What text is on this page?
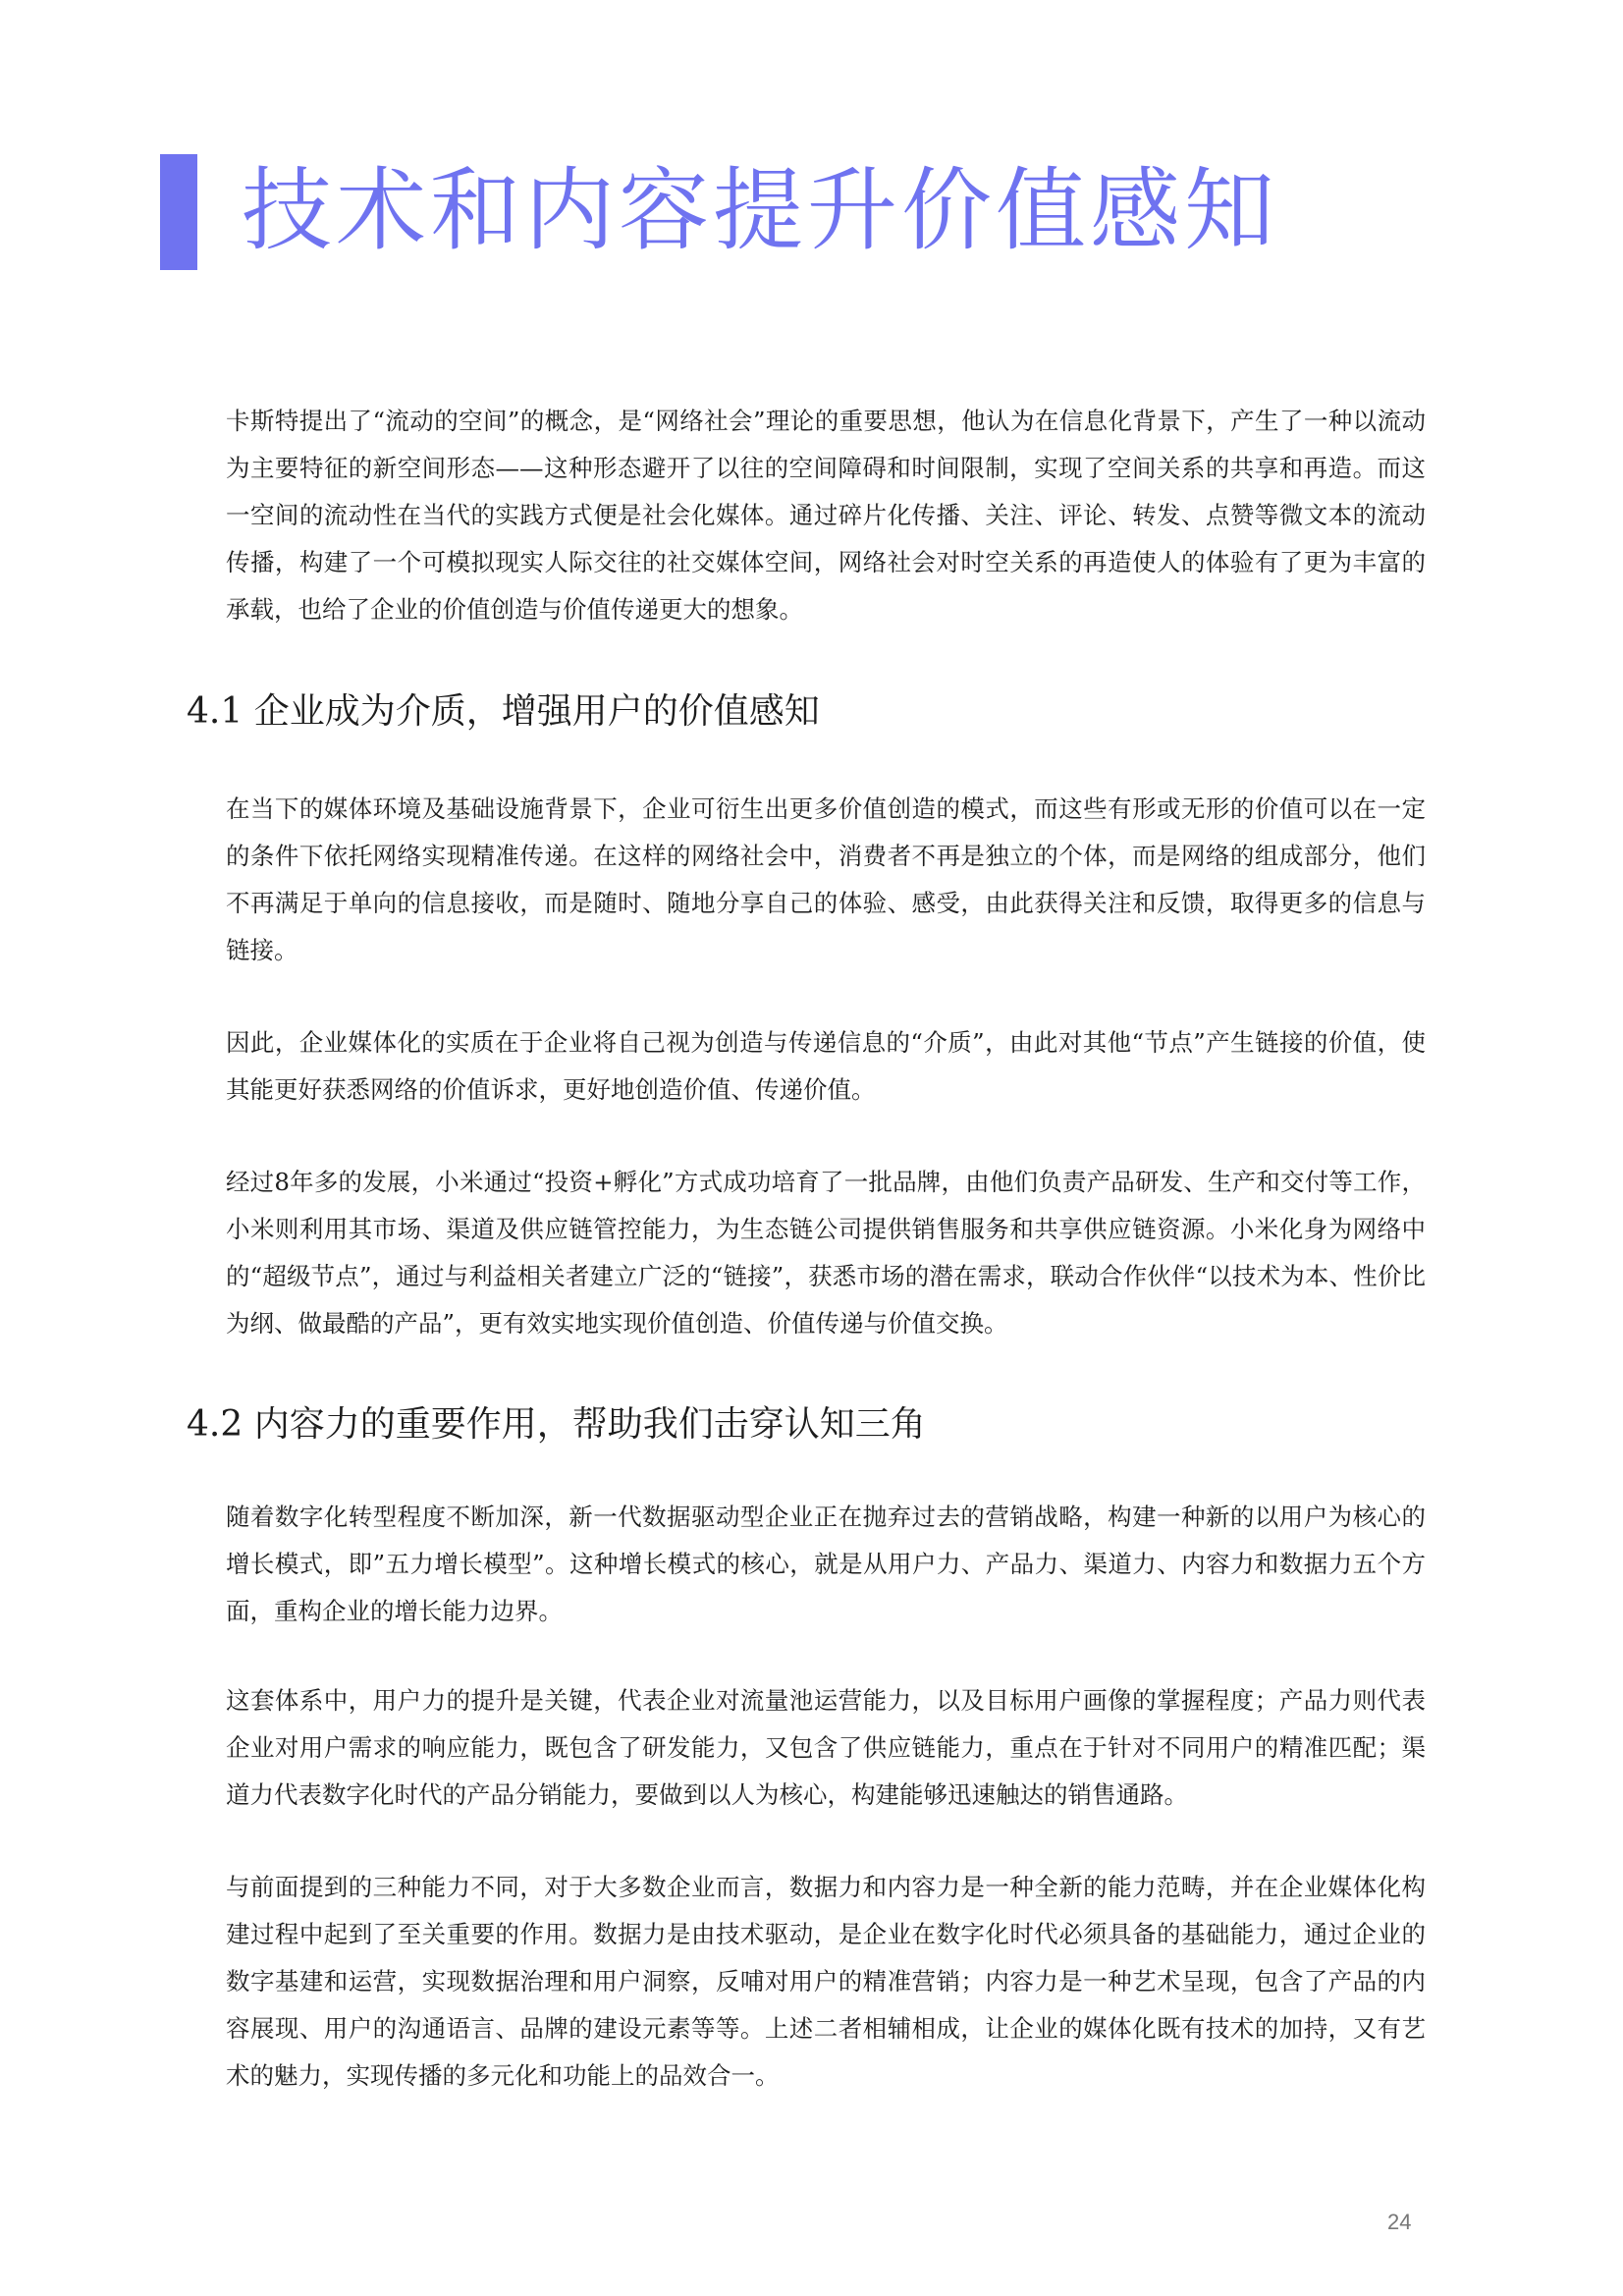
技术和内容提升价值感知

卡斯特提出了“流动的空间”的概念，是“网络社会”理论的重要思想，他认为在信息化背景下，产生了一种以流动为主要特征的新空间形态——这种形态避开了以往的空间障碍和时间限制，实现了空间关系的共享和再造。而这一空间的流动性在当代的实践方式便是社会化媒体。通过碎片化传播、关注、评论、转发、点赞等微文本的流动传播，构建了一个可模拟现实人际交往的社交媒体空间，网络社会对时空关系的再造使人的体验有了更为丰富的承载，也给了企业的价值创造与价值传递更大的想象。

4.1 企业成为介质，增强用户的价值感知

在当下的媒体环境及基础设施背景下，企业可衍生出更多价值创造的模式，而这些有形或无形的价值可以在一定的条件下依托网络实现精准传递。在这样的网络社会中，消费者不再是独立的个体，而是网络的组成部分，他们不再满足于单向的信息接收，而是随时、随地分享自己的体验、感受，由此获得关注和反馈，取得更多的信息与链接。

因此，企业媒体化的实质在于企业将自己视为创造与传递信息的“介质”，由此对其他“节点”产生链接的价值，使其能更好获悉网络的价值诉求，更好地创造价值、传递价值。

经过8年多的发展，小米通过“投资+孵化”方式成功培育了一批品牌，由他们负责产品研发、生产和交付等工作，小米则利用其市场、渠道及供应链管控能力，为生态链公司提供销售服务和共享供应链资源。小米化身为网络中的“超级节点”，通过与利益相关者建立广泛的“链接”，获悉市场的潜在需求，联动合作伙伴“以技术为本、性价比为纲、做最酷的产品”，更有效实地实现价值创造、价值传递与价值交换。

4.2 内容力的重要作用，帮助我们击穿认知三角

随着数字化转型程度不断加深，新一代数据驱动型企业正在抛弃过去的营销战略，构建一种新的以用户为核心的增长模式，即”五力增长模型”。这种增长模式的核心，就是从用户力、产品力、渠道力、内容力和数据力五个方面，重构企业的增长能力边界。

这套体系中，用户力的提升是关键，代表企业对流量池运营能力，以及目标用户画像的掌握程度；产品力则代表企业对用户需求的响应能力，既包含了研发能力，又包含了供应链能力，重点在于针对不同用户的精准匹配；渠道力代表数字化时代的产品分销能力，要做到以人为核心，构建能够迅速触达的销售通路。

与前面提到的三种能力不同，对于大多数企业而言，数据力和内容力是一种全新的能力范畴，并在企业媒体化构建过程中起到了至关重要的作用。数据力是由技术驱动，是企业在数字化时代必须具备的基础能力，通过企业的数字基建和运营，实现数据治理和用户洞察，反哺对用户的精准营销；内容力是一种艺术呈现，包含了产品的内容展现、用户的沟通语言、品牌的建设元素等等。上述二者相辅相成，让企业的媒体化既有技术的加持，又有艺术的魅力，实现传播的多元化和功能上的品效合一。

24
